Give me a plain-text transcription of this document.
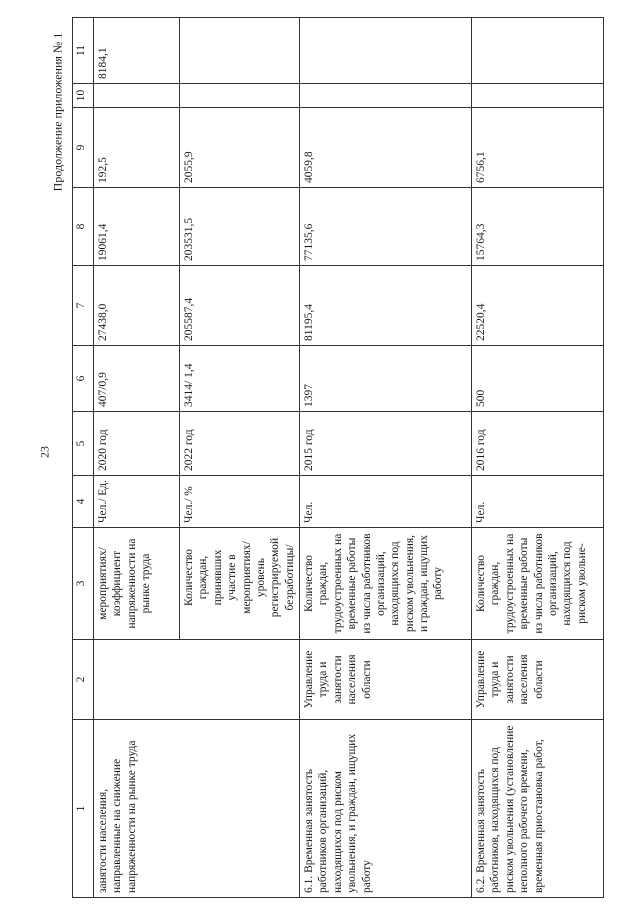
23
Продолжение приложения № 1
1	2	3	4	5	6	7	8	9	10	11
занятости населения, направленные на снижение напряженности на рынке труда		мероприятиях/ коэффициент напряженности на рынке труда	Чел./ Ед.	2020 год	407/0,9	27438,0	19061,4	192,5		8184,1
		Количество граждан, принявших участие в мероприятиях/ уровень регистрируемой безработицы/	Чел./ %	2022 год	3414/ 1,4	205587,4	203531,5	2055,9		
6.1. Временная занятость работников организаций, находящихся под риском увольнения, и граждан, ищущих работу	Управление труда и занятости населения области	Количество граждан, трудоустроенных на временные работы из числа работников организаций, находящихся под риском увольнения, и граждан, ищущих работу	Чел.	2015 год	1397	81195,4	77135,6	4059,8		
6.2. Временная занятость работников, находящихся под риском увольнения (установление неполного рабочего времени, временная приостановка работ,	Управление труда и занятости населения области	Количество граждан, трудоустроенных на временные работы из числа работников организаций, находящихся под риском увольне-	Чел.	2016 год	500	22520,4	15764,3	6756,1		
